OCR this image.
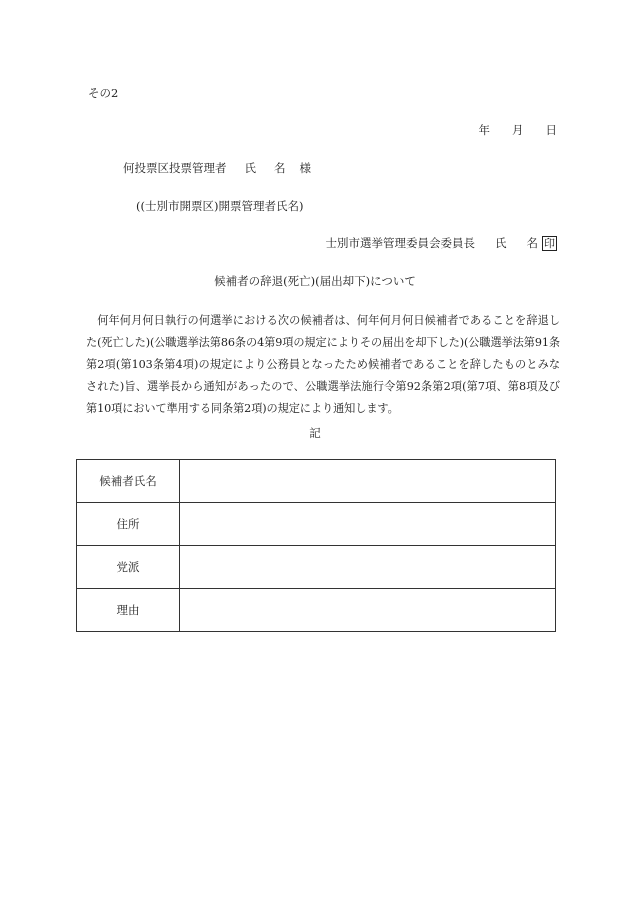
その2
年 月 日
何投票区投票管理者 氏 名 様
((士別市開票区)開票管理者氏名)
士別市選挙管理委員会委員長 氏 名 印
候補者の辞退(死亡)(届出却下)について
何年何月何日執行の何選挙における次の候補者は、何年何月何日候補者であることを辞退した(死亡した)(公職選挙法第86条の4第9項の規定によりその届出を却下した)(公職選挙法第91条第2項(第103条第4項)の規定により公務員となったため候補者であることを辞したものとみなされた)旨、選挙長から通知があったので、公職選挙法施行令第92条第2項(第7項、第8項及び第10項において準用する同条第2項)の規定により通知します。
記
候補者氏名	
住所	
党派	
理由	
